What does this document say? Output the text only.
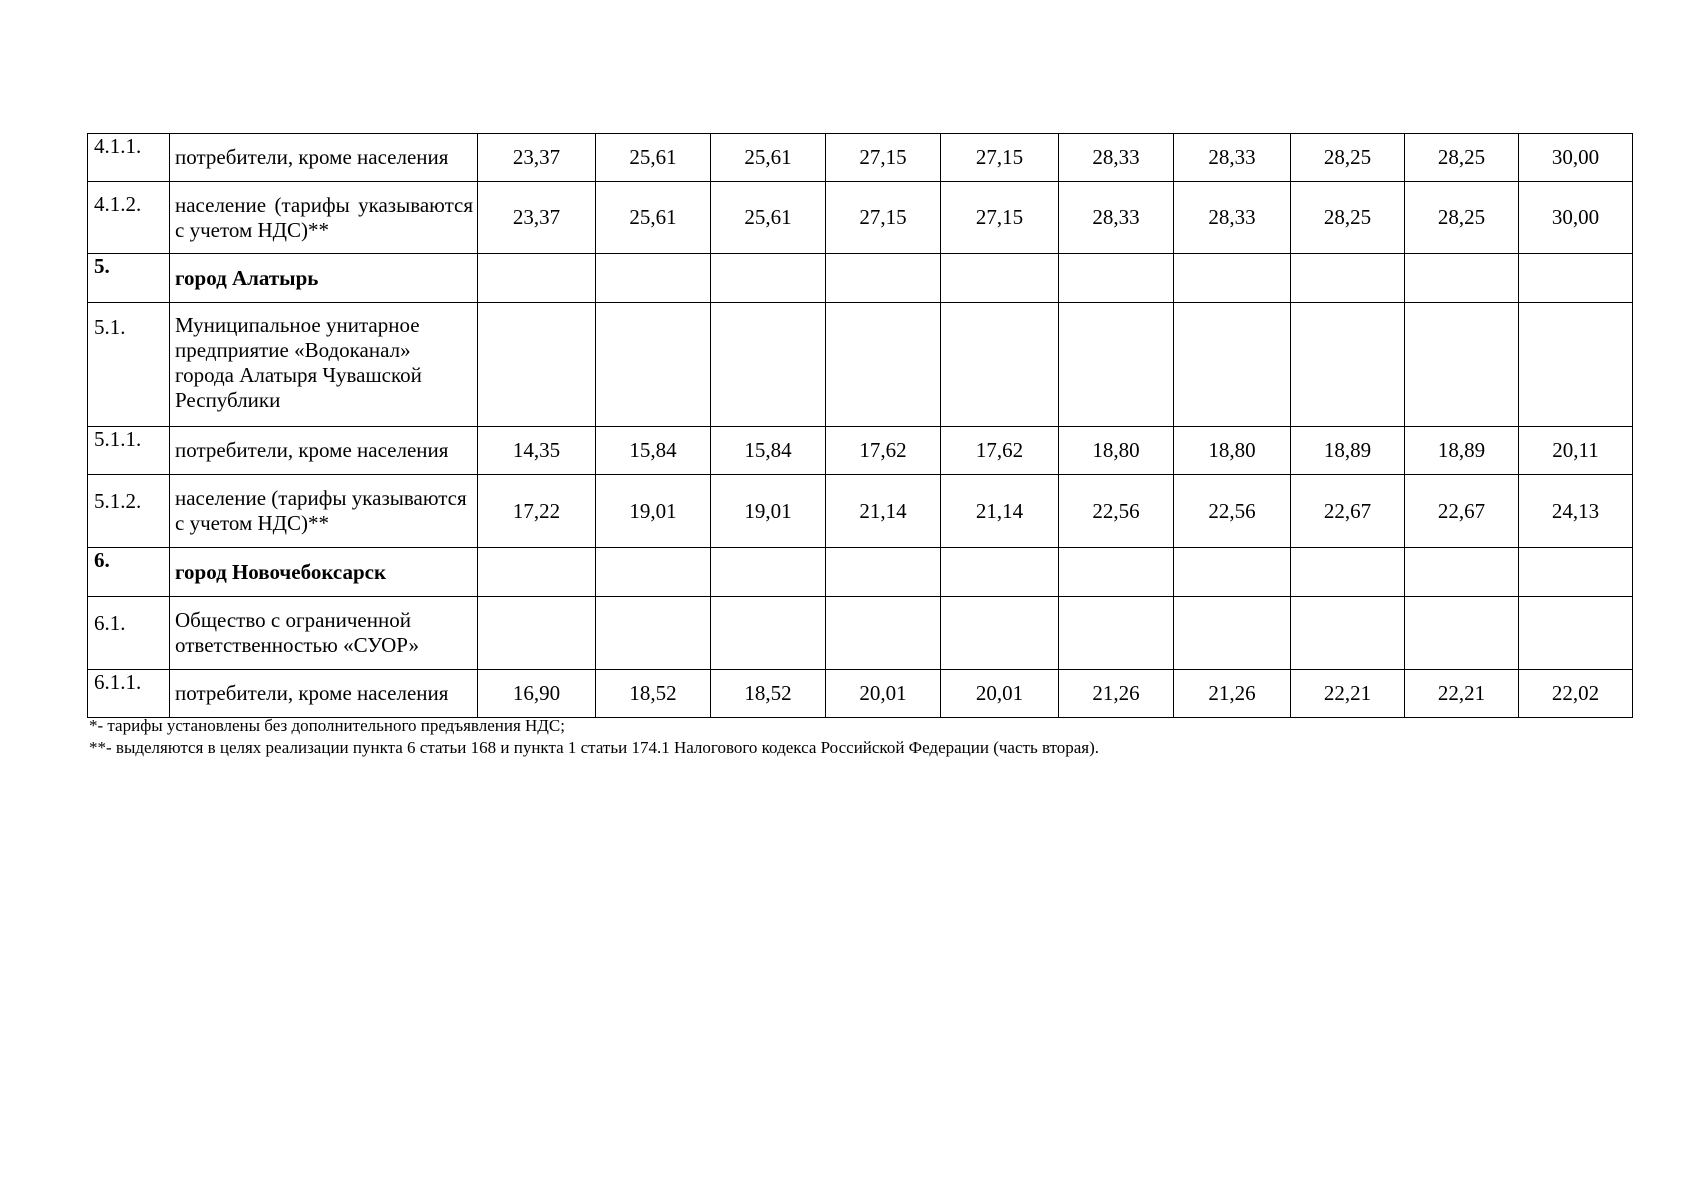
4.1.1.	потребители, кроме населения	23,37	25,61	25,61	27,15	27,15	28,33	28,33	28,25	28,25	30,00
4.1.2.	население (тарифы указываются с учетом НДС)**	23,37	25,61	25,61	27,15	27,15	28,33	28,33	28,25	28,25	30,00
5.	город Алатырь										
5.1.	Муниципальное унитарное предприятие «Водоканал» города Алатыря Чувашской Республики										
5.1.1.	потребители, кроме населения	14,35	15,84	15,84	17,62	17,62	18,80	18,80	18,89	18,89	20,11
5.1.2.	население (тарифы указываются с учетом НДС)**	17,22	19,01	19,01	21,14	21,14	22,56	22,56	22,67	22,67	24,13
6.	город Новочебоксарск										
6.1.	Общество с ограниченной ответственностью «СУОР»										
6.1.1.	потребители, кроме населения	16,90	18,52	18,52	20,01	20,01	21,26	21,26	22,21	22,21	22,02
*- тарифы установлены без дополнительного предъявления НДС;
**- выделяются в целях реализации пункта 6 статьи 168 и пункта 1 статьи 174.1 Налогового кодекса Российской Федерации (часть вторая).
